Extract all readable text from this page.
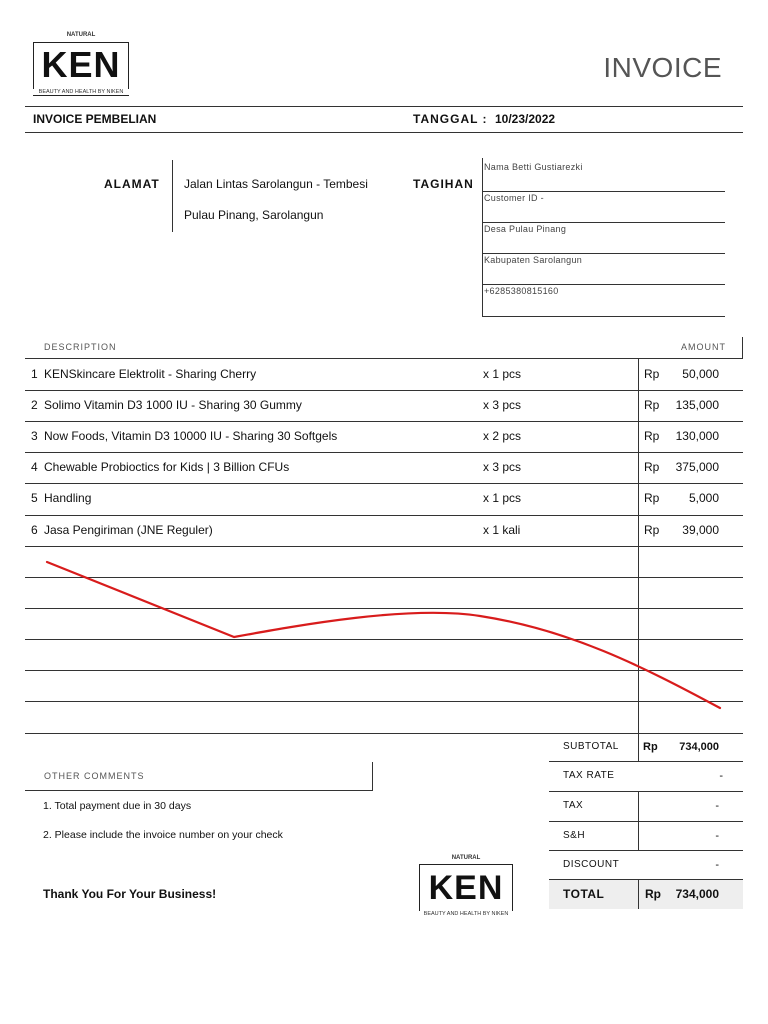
NATURAL
KEN
BEAUTY AND HEALTH BY NIKEN
INVOICE
INVOICE PEMBELIAN	TANGGAL : 10/23/2022
ALAMAT Jalan Lintas Sarolangun - Tembesi
Pulau Pinang, Sarolangun
TAGIHAN
Nama Betti Gustiarezki
Customer ID -
Desa Pulau Pinang
Kabupaten Sarolangun
+6285380815160
DESCRIPTION	AMOUNT
1 KENSkincare Elektrolit - Sharing Cherry	x 1 pcs	Rp 50,000
2 Solimo Vitamin D3 1000 IU - Sharing 30 Gummy	x 3 pcs	Rp 135,000
3 Now Foods, Vitamin D3 10000 IU - Sharing 30 Softgels	x 2 pcs	Rp 130,000
4 Chewable Probioctics for Kids | 3 Billion CFUs	x 3 pcs	Rp 375,000
5 Handling	x 1 pcs	Rp 5,000
6 Jasa Pengiriman (JNE Reguler)	x 1 kali	Rp 39,000
OTHER COMMENTS
1. Total payment due in 30 days
2. Please include the invoice number on your check
Thank You For Your Business!
NATURAL
KEN
BEAUTY AND HEALTH BY NIKEN
SUBTOTAL Rp 734,000
TAX RATE	-
TAX	-
S&H	-
DISCOUNT	-
TOTAL	Rp 734,000
